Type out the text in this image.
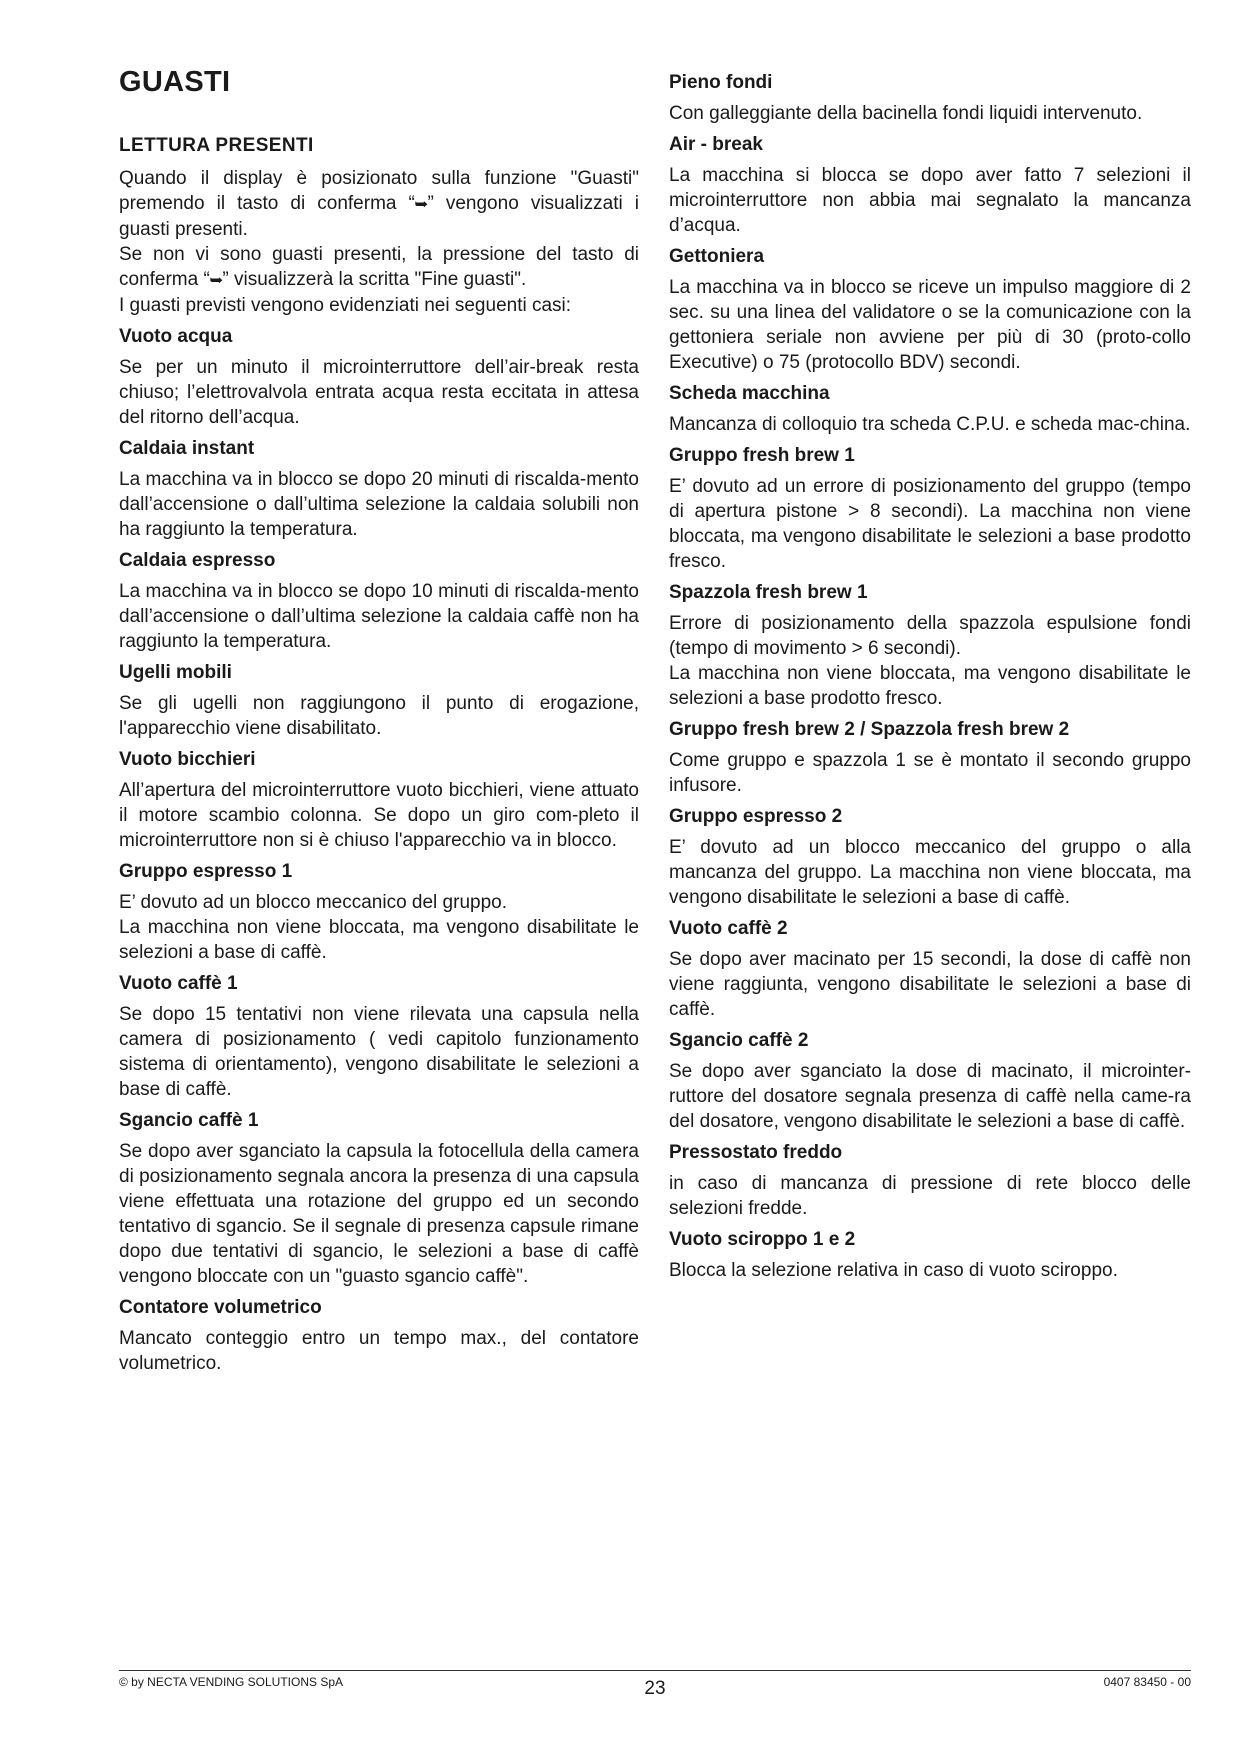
GUASTI
LETTURA PRESENTI

Quando il display è posizionato sulla funzione "Guasti" premendo il tasto di conferma “➥” vengono visualizzati i guasti presenti.

Se non vi sono guasti presenti, la pressione del tasto di conferma “➥” visualizzerà la scritta "Fine guasti".

I guasti previsti vengono evidenziati nei seguenti casi:

Vuoto acqua

Se per un minuto il microinterruttore dell’air-break resta chiuso; l’elettrovalvola entrata acqua resta eccitata in attesa del ritorno dell’acqua.

Caldaia instant

La macchina va in blocco se dopo 20 minuti di riscalda-mento dall’accensione o dall’ultima selezione la caldaia solubili non ha raggiunto la temperatura.

Caldaia espresso

La macchina va in blocco se dopo 10 minuti di riscalda-mento dall’accensione o dall’ultima selezione la caldaia caffè non ha raggiunto la temperatura.

Ugelli mobili

Se gli ugelli non raggiungono il punto di erogazione, l'apparecchio viene disabilitato.

Vuoto bicchieri

All’apertura del microinterruttore vuoto bicchieri, viene attuato il motore scambio colonna. Se dopo un giro com-pleto il microinterruttore non si è chiuso l'apparecchio va in blocco.

Gruppo espresso 1

E’ dovuto ad un blocco meccanico del gruppo.

La macchina non viene bloccata, ma vengono disabilitate le selezioni a base di caffè.

Vuoto caffè 1

Se dopo 15 tentativi non viene rilevata una capsula nella camera di posizionamento ( vedi capitolo funzionamento sistema di orientamento), vengono disabilitate le selezioni a base di caffè.

Sgancio caffè 1

Se dopo aver sganciato la capsula la fotocellula della camera di posizionamento segnala ancora la presenza di una capsula viene effettuata una rotazione del gruppo ed un secondo tentativo di sgancio. Se il segnale di presenza capsule rimane dopo due tentativi di sgancio, le selezioni a base di caffè vengono bloccate con un "guasto sgancio caffè".

Contatore volumetrico

Mancato conteggio entro un tempo max., del contatore volumetrico.

Pieno fondi

Con galleggiante della bacinella fondi liquidi intervenuto.

Air - break

La macchina si blocca se dopo aver fatto 7 selezioni il microinterruttore non abbia mai segnalato la mancanza d’acqua.

Gettoniera

La macchina va in blocco se riceve un impulso maggiore di 2 sec. su una linea del validatore o se la comunicazione con la gettoniera seriale non avviene per più di 30 (proto-collo Executive) o 75 (protocollo BDV) secondi.

Scheda macchina

Mancanza di colloquio tra scheda C.P.U. e scheda mac-china.

Gruppo fresh brew 1

E’ dovuto ad un errore di posizionamento del gruppo (tempo di apertura pistone > 8 secondi). La macchina non viene bloccata, ma vengono disabilitate le selezioni a base prodotto fresco.

Spazzola fresh brew 1

Errore di posizionamento della spazzola espulsione fondi (tempo di movimento > 6 secondi).

La macchina non viene bloccata, ma vengono disabilitate le selezioni a base prodotto fresco.

Gruppo fresh brew 2 / Spazzola fresh brew 2

Come gruppo e spazzola 1 se è montato il secondo gruppo infusore.

Gruppo espresso 2

E’ dovuto ad un blocco meccanico del gruppo o alla mancanza del gruppo. La macchina non viene bloccata, ma vengono disabilitate le selezioni a base di caffè.

Vuoto caffè 2

Se dopo aver macinato per 15 secondi, la dose di caffè non viene raggiunta, vengono disabilitate le selezioni a base di caffè.

Sgancio caffè 2

Se dopo aver sganciato la dose di macinato, il microinter-ruttore del dosatore segnala presenza di caffè nella came-ra del dosatore, vengono disabilitate le selezioni a base di caffè.

Pressostato freddo

in caso di mancanza di pressione di rete blocco delle selezioni fredde.

Vuoto sciroppo 1 e 2

Blocca la selezione relativa in caso di vuoto sciroppo.

© by NECTA VENDING SOLUTIONS SpA	23	0407 83450 - 00
